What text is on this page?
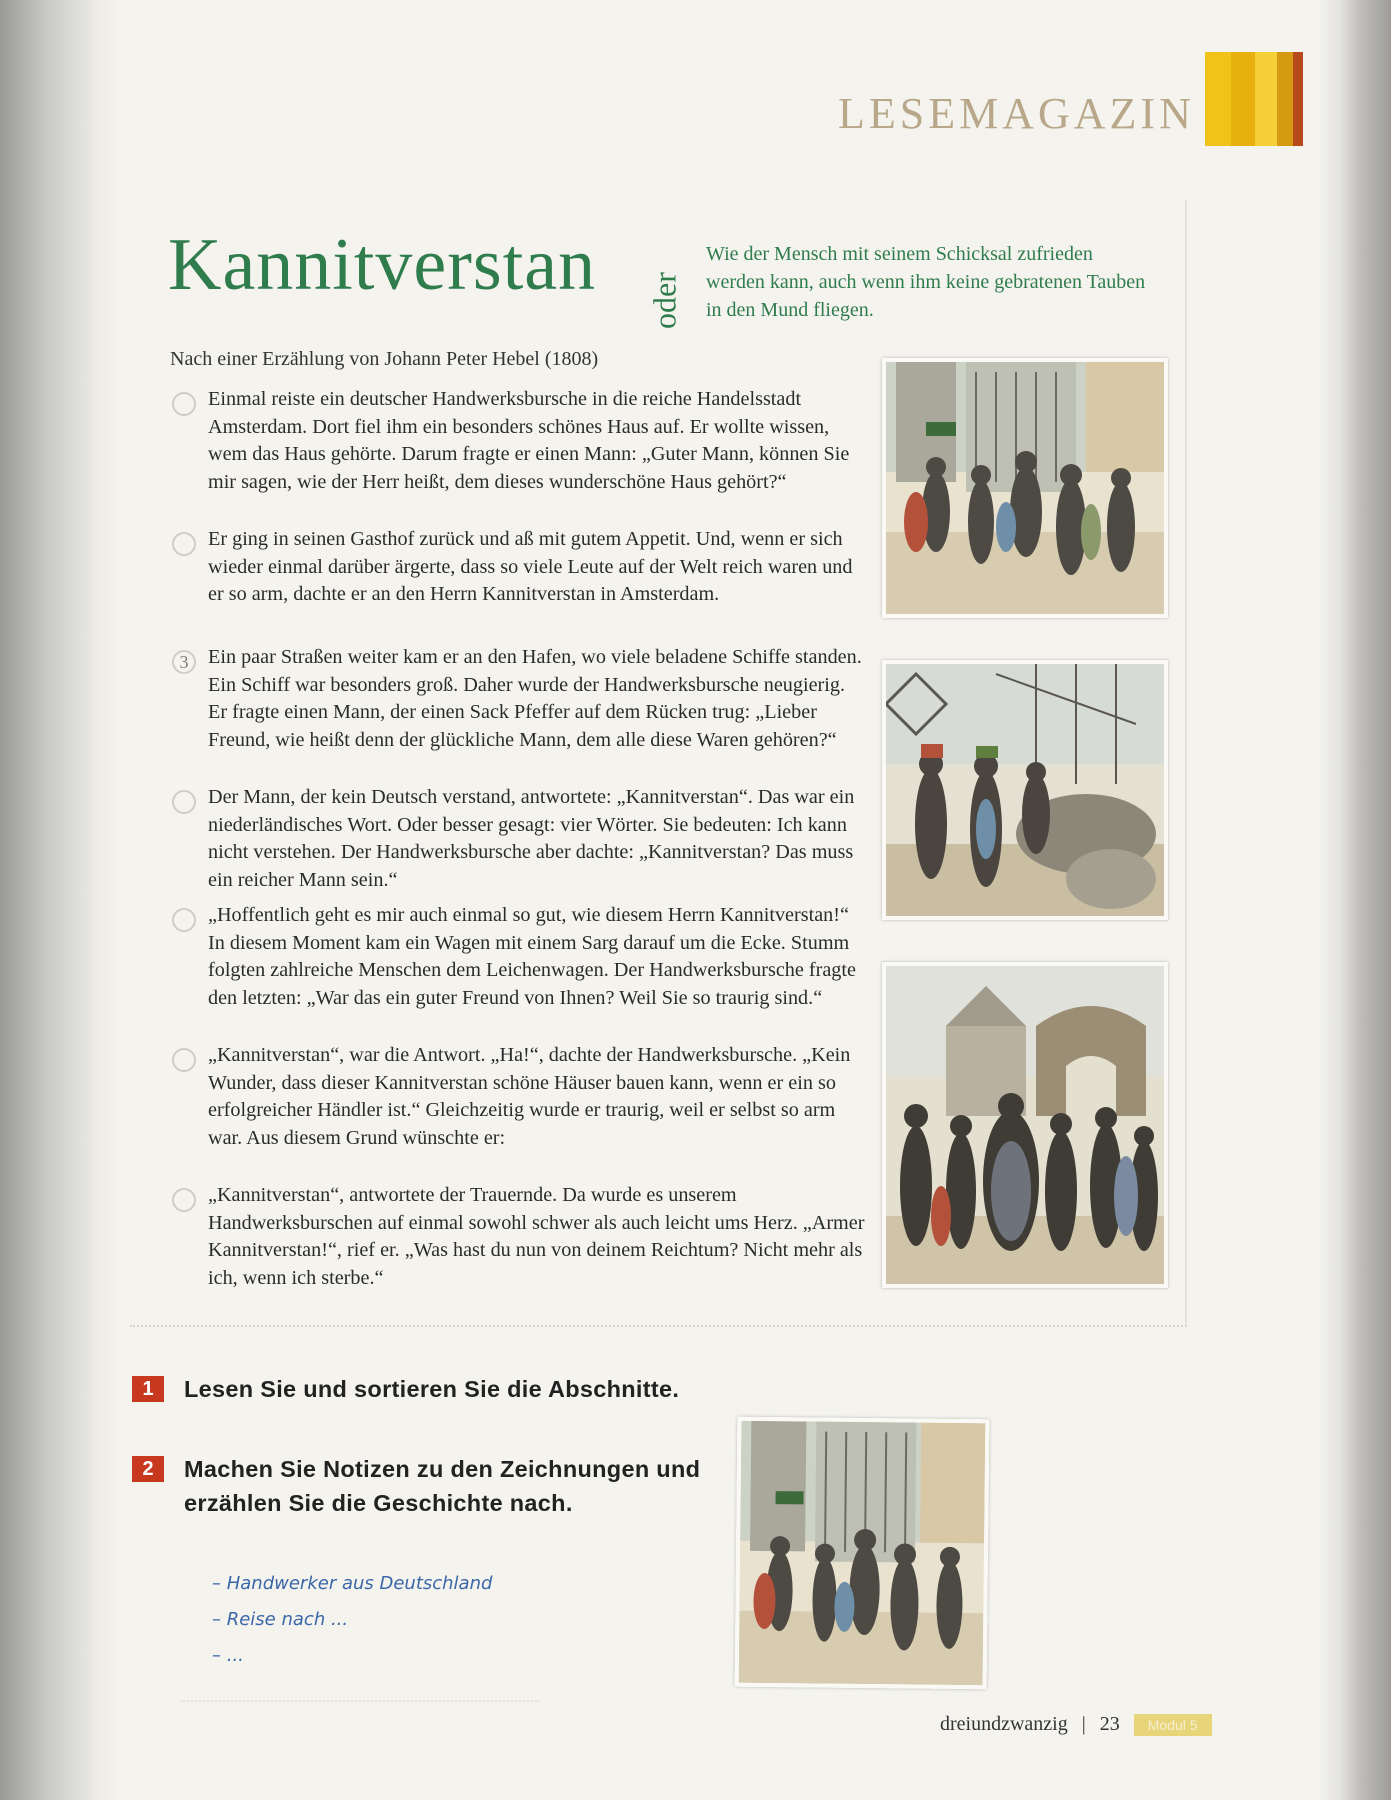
LESEMAGAZIN
Kannitverstan oder
Wie der Mensch mit seinem Schicksal zufrieden werden kann, auch wenn ihm keine gebratenen Tauben in den Mund fliegen.
Nach einer Erzählung von Johann Peter Hebel (1808)
Einmal reiste ein deutscher Handwerksbursche in die reiche Handelsstadt Amsterdam. Dort fiel ihm ein besonders schönes Haus auf. Er wollte wissen, wem das Haus gehörte. Darum fragte er einen Mann: „Guter Mann, können Sie mir sagen, wie der Herr heißt, dem dieses wunderschöne Haus gehört?“
Er ging in seinen Gasthof zurück und aß mit gutem Appetit. Und, wenn er sich wieder einmal darüber ärgerte, dass so viele Leute auf der Welt reich waren und er so arm, dachte er an den Herrn Kannitverstan in Amsterdam.
3 Ein paar Straßen weiter kam er an den Hafen, wo viele beladene Schiffe standen. Ein Schiff war besonders groß. Daher wurde der Handwerksbursche neugierig. Er fragte einen Mann, der einen Sack Pfeffer auf dem Rücken trug: „Lieber Freund, wie heißt denn der glückliche Mann, dem alle diese Waren gehören?“
Der Mann, der kein Deutsch verstand, antwortete: „Kannitverstan“. Das war ein niederländisches Wort. Oder besser gesagt: vier Wörter. Sie bedeuten: Ich kann nicht verstehen. Der Handwerksbursche aber dachte: „Kannitverstan? Das muss ein reicher Mann sein.“
„Hoffentlich geht es mir auch einmal so gut, wie diesem Herrn Kannitverstan!“ In diesem Moment kam ein Wagen mit einem Sarg darauf um die Ecke. Stumm folgten zahlreiche Menschen dem Leichenwagen. Der Handwerksbursche fragte den letzten: „War das ein guter Freund von Ihnen? Weil Sie so traurig sind.“
„Kannitverstan“, war die Antwort. „Ha!“, dachte der Handwerksbursche. „Kein Wunder, dass dieser Kannitverstan schöne Häuser bauen kann, wenn er ein so erfolgreicher Händler ist.“ Gleichzeitig wurde er traurig, weil er selbst so arm war. Aus diesem Grund wünschte er:
„Kannitverstan“, antwortete der Trauernde. Da wurde es unserem Handwerksburschen auf einmal sowohl schwer als auch leicht ums Herz. „Armer Kannitverstan!“, rief er. „Was hast du nun von deinem Reichtum? Nicht mehr als ich, wenn ich sterbe.“
1	Lesen Sie und sortieren Sie die Abschnitte.
2	Machen Sie Notizen zu den Zeichnungen und erzählen Sie die Geschichte nach.
– Handwerker aus Deutschland
– Reise nach ...
– ...
dreiundzwanzig | 23	Modul 5
